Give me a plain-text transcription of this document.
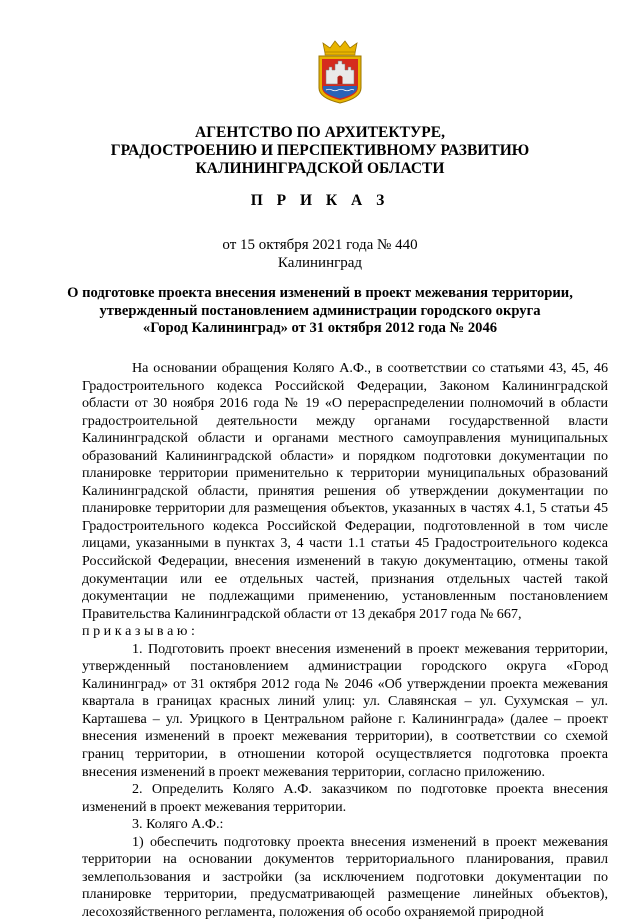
АГЕНТСТВО ПО АРХИТЕКТУРЕ,
ГРАДОСТРОЕНИЮ И ПЕРСПЕКТИВНОМУ РАЗВИТИЮ
КАЛИНИНГРАДСКОЙ ОБЛАСТИ
П Р И К А З
от 15 октября 2021 года № 440
Калининград
О подготовке проекта внесения изменений в проект межевания территории,
утвержденный постановлением администрации городского округа
«Город Калининград» от 31 октября 2012 года № 2046

На основании обращения Коляго А.Ф., в соответствии со статьями 43, 45, 46 Градостроительного кодекса Российской Федерации, Законом Калининградской области от 30 ноября 2016 года № 19 «О перераспределении полномочий в области градостроительной деятельности между органами государственной власти Калининградской области и органами местного самоуправления муниципальных образований Калининградской области» и порядком подготовки документации по планировке территории применительно к территории муниципальных образований Калининградской области, принятия решения об утверждении документации по планировке территории для размещения объектов, указанных в частях 4.1, 5 статьи 45 Градостроительного кодекса Российской Федерации, подготовленной в том числе лицами, указанными в пунктах 3, 4 части 1.1 статьи 45 Градостроительного кодекса Российской Федерации, внесения изменений в такую документацию, отмены такой документации или ее отдельных частей, признания отдельных частей такой документации не подлежащими применению, установленным постановлением Правительства Калининградской области от 13 декабря 2017 года № 667,
п р и к а з ы в а ю :

1. Подготовить проект внесения изменений в проект межевания территории, утвержденный постановлением администрации городского округа «Город Калининград» от 31 октября 2012 года № 2046 «Об утверждении проекта межевания квартала в границах красных линий улиц: ул. Славянская – ул. Сухумская – ул. Карташева – ул. Урицкого в Центральном районе г. Калининграда» (далее – проект внесения изменений в проект межевания территории), в соответствии со схемой границ территории, в отношении которой осуществляется подготовка проекта внесения изменений в проект межевания территории, согласно приложению.

2. Определить Коляго А.Ф. заказчиком по подготовке проекта внесения изменений в проект межевания территории.

3. Коляго А.Ф.:

1) обеспечить подготовку проекта внесения изменений в проект межевания территории на основании документов территориального планирования, правил землепользования и застройки (за исключением подготовки документации по планировке территории, предусматривающей размещение линейных объектов), лесохозяйственного регламента, положения об особо охраняемой природной
